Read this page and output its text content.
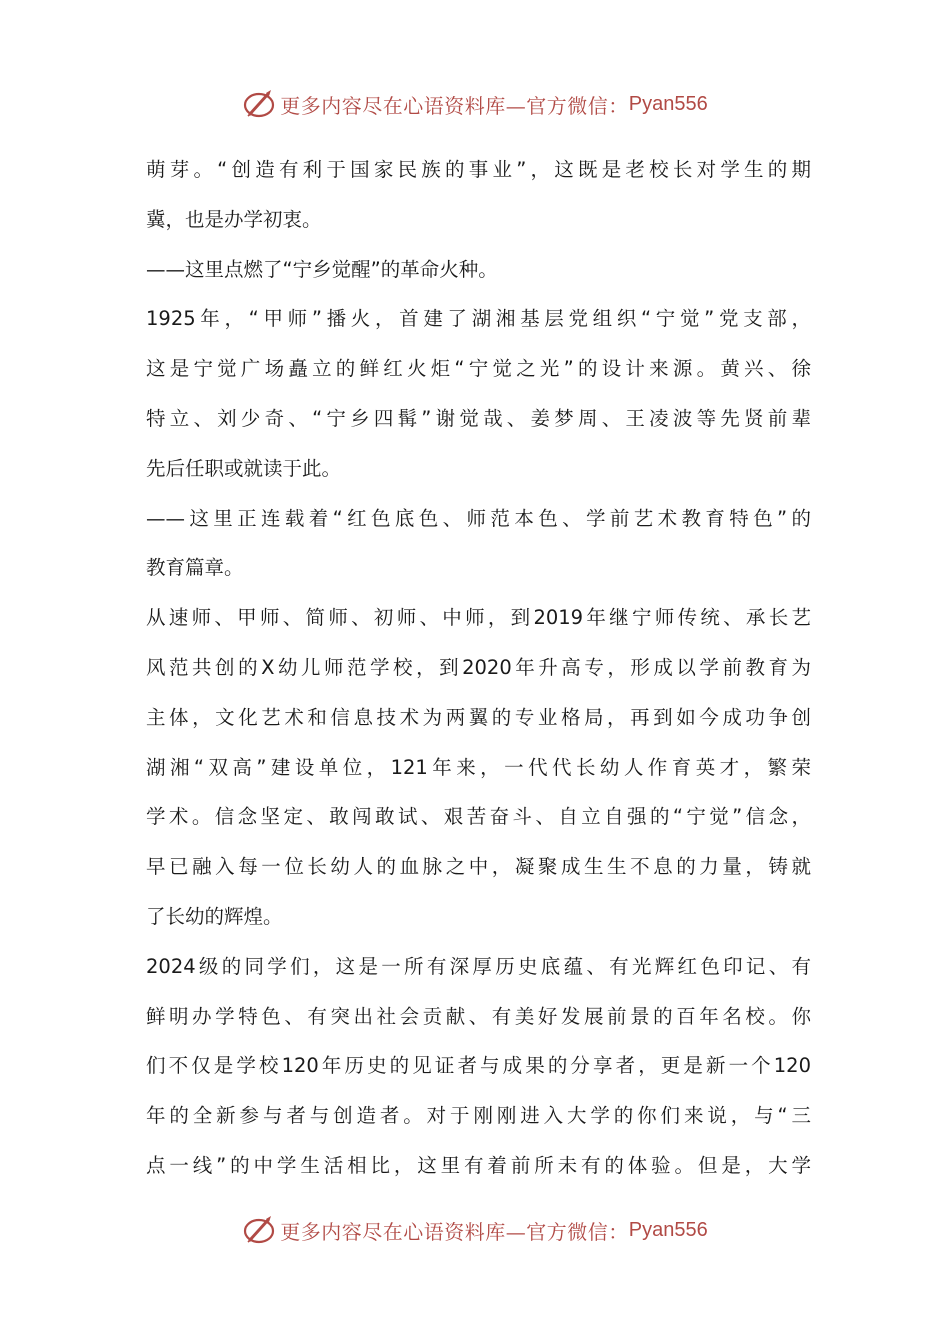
更多内容尽在心语资料库—官方微信： Pyan556
萌芽。“创造有利于国家民族的事业”，这既是老校长对学生的期
冀，也是办学初衷。
——这里点燃了“宁乡觉醒”的革命火种。
1925年，“甲师”播火，首建了湖湘基层党组织“宁觉”党支部，
这是宁觉广场矗立的鲜红火炬“宁觉之光”的设计来源。黄兴、徐
特立、刘少奇、“宁乡四髯”谢觉哉、姜梦周、王凌波等先贤前辈
先后任职或就读于此。
——这里正连载着“红色底色、师范本色、学前艺术教育特色”的
教育篇章。
从速师、甲师、简师、初师、中师，到2019年继宁师传统、承长艺
风范共创的X幼儿师范学校，到2020年升高专，形成以学前教育为
主体，文化艺术和信息技术为两翼的专业格局，再到如今成功争创
湖湘“双高”建设单位，121年来，一代代长幼人作育英才，繁荣
学术。信念坚定、敢闯敢试、艰苦奋斗、自立自强的“宁觉”信念，
早已融入每一位长幼人的血脉之中，凝聚成生生不息的力量，铸就
了长幼的辉煌。
2024级的同学们，这是一所有深厚历史底蕴、有光辉红色印记、有
鲜明办学特色、有突出社会贡献、有美好发展前景的百年名校。你
们不仅是学校120年历史的见证者与成果的分享者，更是新一个120
年的全新参与者与创造者。对于刚刚进入大学的你们来说，与“三
点一线”的中学生活相比，这里有着前所未有的体验。但是，大学
更多内容尽在心语资料库—官方微信： Pyan556
